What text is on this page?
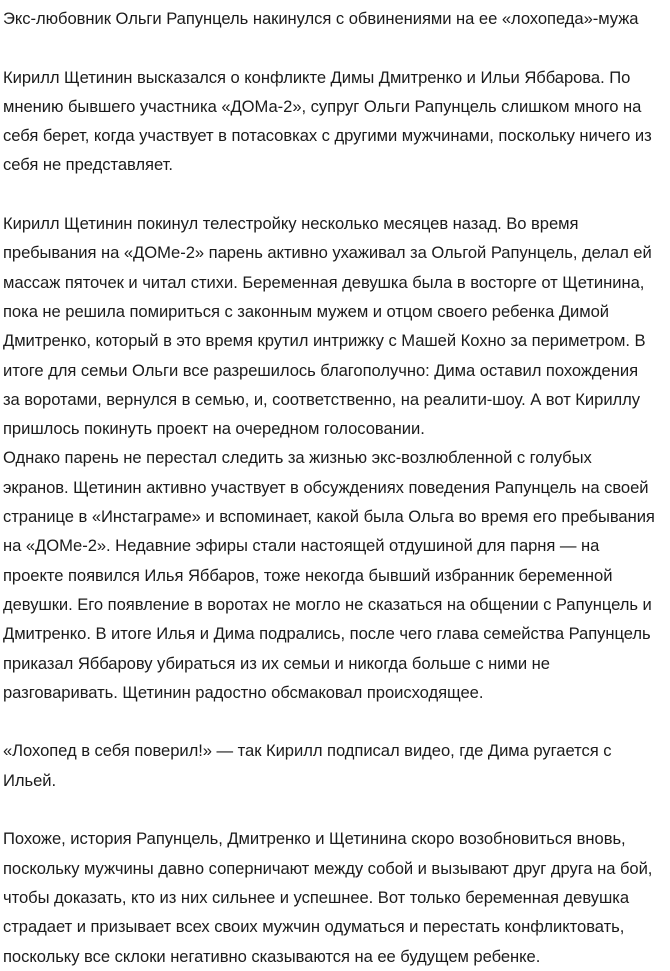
Экс-любовник Ольги Рапунцель накинулся с обвинениями на ее «лохопеда»-мужа

Кирилл Щетинин высказался о конфликте Димы Дмитренко и Ильи Яббарова. По мнению бывшего участника «ДОМа-2», супруг Ольги Рапунцель слишком много на себя берет, когда участвует в потасовках с другими мужчинами, поскольку ничего из себя не представляет.

Кирилл Щетинин покинул телестройку несколько месяцев назад. Во время пребывания на «ДОМе-2» парень активно ухаживал за Ольгой Рапунцель, делал ей массаж пяточек и читал стихи. Беременная девушка была в восторге от Щетинина, пока не решила помириться с законным мужем и отцом своего ребенка Димой Дмитренко, который в это время крутил интрижку с Машей Кохно за периметром. В итоге для семьи Ольги все разрешилось благополучно: Дима оставил похождения за воротами, вернулся в семью, и, соответственно, на реалити-шоу. А вот Кириллу пришлось покинуть проект на очередном голосовании.

Однако парень не перестал следить за жизнью экс-возлюбленной с голубых экранов. Щетинин активно участвует в обсуждениях поведения Рапунцель на своей странице в «Инстаграме» и вспоминает, какой была Ольга во время его пребывания на «ДОМе-2». Недавние эфиры стали настоящей отдушиной для парня — на проекте появился Илья Яббаров, тоже некогда бывший избранник беременной девушки. Его появление в воротах не могло не сказаться на общении с Рапунцель и Дмитренко. В итоге Илья и Дима подрались, после чего глава семейства Рапунцель приказал Яббарову убираться из их семьи и никогда больше с ними не разговаривать. Щетинин радостно обсмаковал происходящее.

«Лохопед в себя поверил!» — так Кирилл подписал видео, где Дима ругается с Ильей.

Похоже, история Рапунцель, Дмитренко и Щетинина скоро возобновиться вновь, поскольку мужчины давно соперничают между собой и вызывают друг друга на бой, чтобы доказать, кто из них сильнее и успешнее. Вот только беременная девушка страдает и призывает всех своих мужчин одуматься и перестать конфликтовать, поскольку все склоки негативно сказываются на ее будущем ребенке.
